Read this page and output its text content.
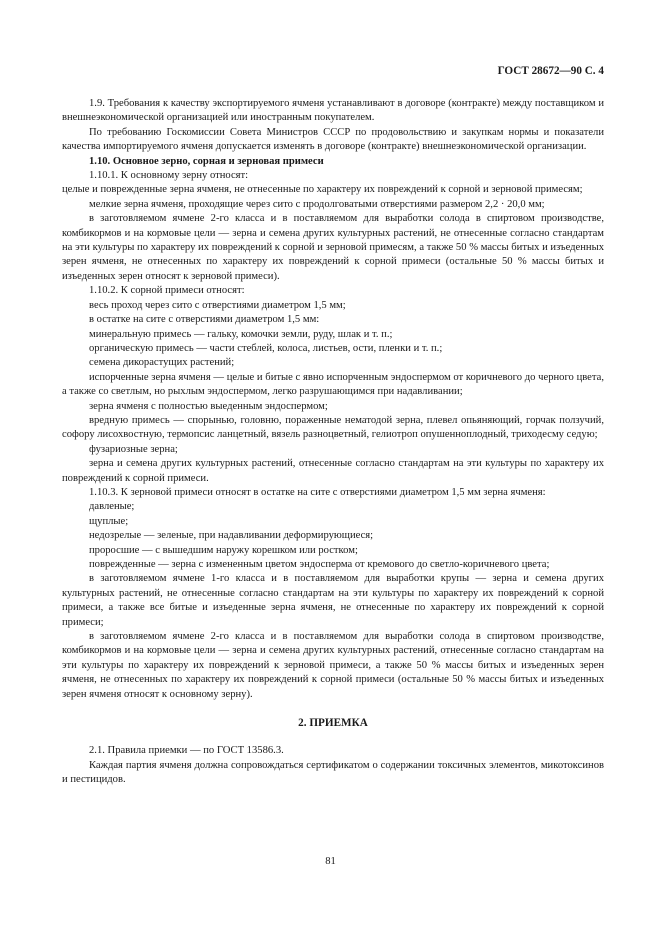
ГОСТ 28672—90 С. 4

1.9. Требования к качеству экспортируемого ячменя устанавливают в договоре (контракте) между поставщиком и внешнеэкономической организацией или иностранным покупателем.

По требованию Госкомиссии Совета Министров СССР по продовольствию и закупкам нормы и показатели качества импортируемого ячменя допускается изменять в договоре (контракте) внешнеэкономической организации.

1.10. Основное зерно, сорная и зерновая примеси

1.10.1. К основному зерну относят:

целые и поврежденные зерна ячменя, не отнесенные по характеру их повреждений к сорной и зерновой примесям;

мелкие зерна ячменя, проходящие через сито с продолговатыми отверстиями размером 2,2 · 20,0 мм;

в заготовляемом ячмене 2-го класса и в поставляемом для выработки солода в спиртовом производстве, комбикормов и на кормовые цели — зерна и семена других культурных растений, не отнесенные согласно стандартам на эти культуры по характеру их повреждений к сорной и зерновой примесям, а также 50 % массы битых и изъеденных зерен ячменя, не отнесенных по характеру их повреждений к сорной примеси (остальные 50 % массы битых и изъеденных зерен относят к зерновой примеси).

1.10.2. К сорной примеси относят:

весь проход через сито с отверстиями диаметром 1,5 мм;

в остатке на сите с отверстиями диаметром 1,5 мм:

минеральную примесь — гальку, комочки земли, руду, шлак и т. п.;

органическую примесь — части стеблей, колоса, листьев, ости, пленки и т. п.;

семена дикорастущих растений;

испорченные зерна ячменя — целые и битые с явно испорченным эндоспермом от коричневого до черного цвета, а также со светлым, но рыхлым эндоспермом, легко разрушающимся при надавливании;

зерна ячменя с полностью выеденным эндоспермом;

вредную примесь — спорынью, головню, пораженные нематодой зерна, плевел опьяняющий, горчак ползучий, софору лисохвостную, термопсис ланцетный, вязель разноцветный, гелиотроп опушенноплодный, триходесму седую;

фузариозные зерна;

зерна и семена других культурных растений, отнесенные согласно стандартам на эти культуры по характеру их повреждений к сорной примеси.

1.10.3. К зерновой примеси относят в остатке на сите с отверстиями диаметром 1,5 мм зерна ячменя:

давленые;

щуплые;

недозрелые — зеленые, при надавливании деформирующиеся;

проросшие — с вышедшим наружу корешком или ростком;

поврежденные — зерна с измененным цветом эндосперма от кремового до светло-коричневого цвета;

в заготовляемом ячмене 1-го класса и в поставляемом для выработки крупы — зерна и семена других культурных растений, не отнесенные согласно стандартам на эти культуры по характеру их повреждений к сорной примеси, а также все битые и изъеденные зерна ячменя, не отнесенные по характеру их повреждений к сорной примеси;

в заготовляемом ячмене 2-го класса и в поставляемом для выработки солода в спиртовом производстве, комбикормов и на кормовые цели — зерна и семена других культурных растений, отнесенные согласно стандартам на эти культуры по характеру их повреждений к зерновой примеси, а также 50 % массы битых и изъеденных зерен ячменя, не отнесенных по характеру их повреждений к сорной примеси (остальные 50 % массы битых и изъеденных зерен ячменя относят к основному зерну).

2. ПРИЕМКА

2.1. Правила приемки — по ГОСТ 13586.3.

Каждая партия ячменя должна сопровождаться сертификатом о содержании токсичных элементов, микотоксинов и пестицидов.

81
